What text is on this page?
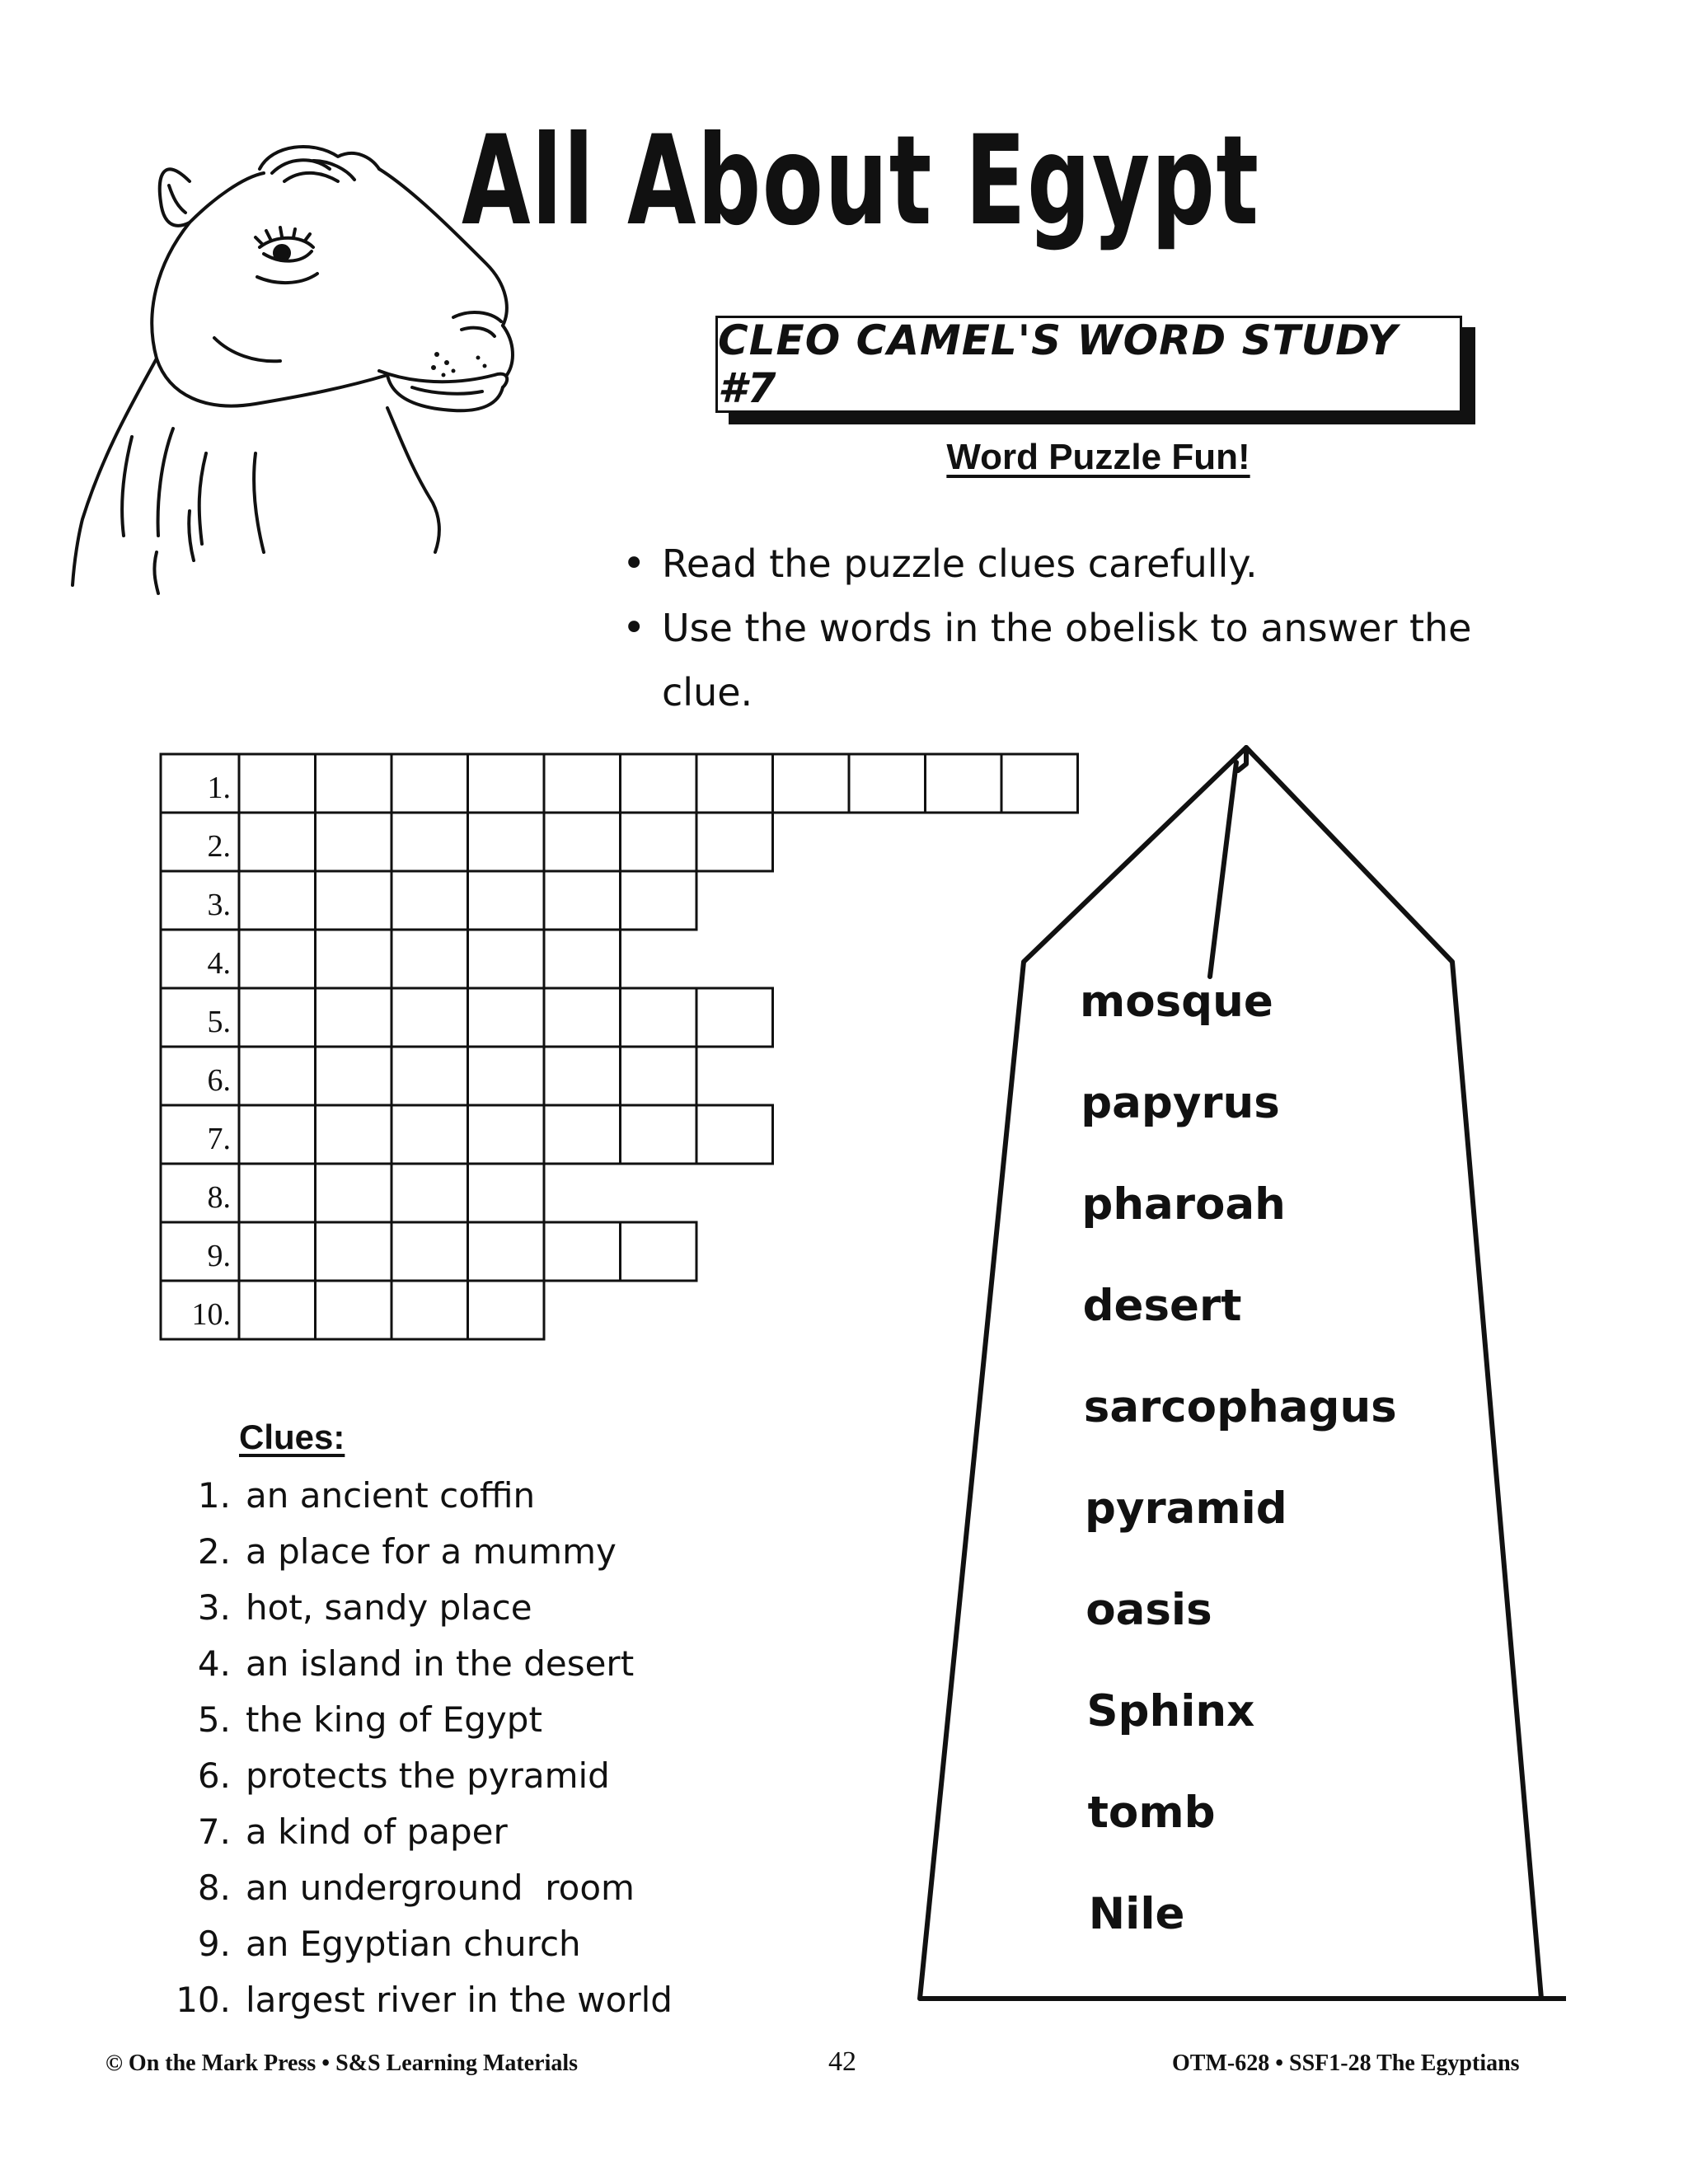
All About Egypt
CLEO CAMEL'S WORD STUDY #7
Word Puzzle Fun!
• Read the puzzle clues carefully.
• Use the words in the obelisk to answer the clue.
1.
2.
3.
4.
5.
6.
7.
8.
9.
10.
mosque
papyrus
pharoah
desert
sarcophagus
pyramid
oasis
Sphinx
tomb
Nile
Clues:
1. an ancient coffin
2. a place for a mummy
3. hot, sandy place
4. an island in the desert
5. the king of Egypt
6. protects the pyramid
7. a kind of paper
8. an underground  room
9. an Egyptian church
10. largest river in the world
© On the Mark Press • S&S Learning Materials	42	OTM-628 • SSF1-28 The Egyptians
